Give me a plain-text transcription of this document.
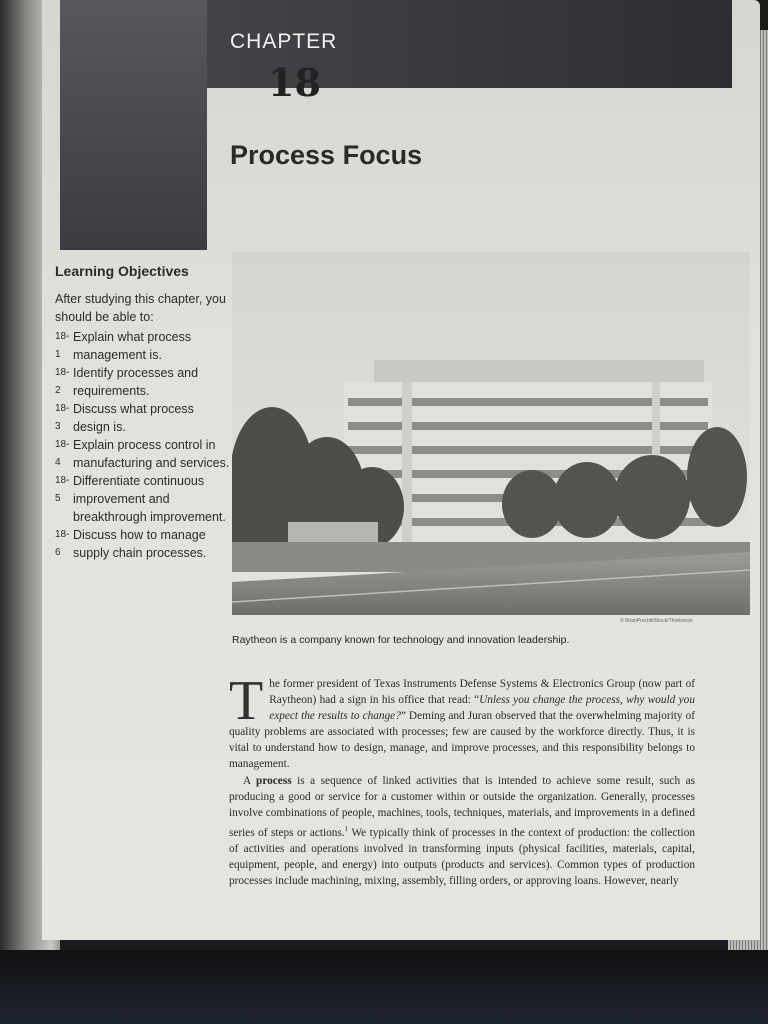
CHAPTER
18
Process Focus
Learning Objectives
After studying this chapter, you should be able to:
18-1
Explain what process management is.
18-2
Identify processes and requirements.
18-3
Discuss what process design is.
18-4
Explain process control in manufacturing and services.
18-5
Differentiate continuous improvement and breakthrough improvement.
18-6
Discuss how to manage supply chain processes.
© BrianPrechtl/iStock/Thinkstock
Raytheon is a company known for technology and innovation leadership.
T he former president of Texas Instruments Defense Systems & Electronics Group (now part of Raytheon) had a sign in his office that read: “Unless you change the process, why would you expect the results to change?” Deming and Juran observed that the overwhelming majority of quality problems are associated with processes; few are caused by the workforce directly. Thus, it is vital to understand how to design, manage, and improve processes, and this responsibility belongs to management.

A process is a sequence of linked activities that is intended to achieve some result, such as producing a good or service for a customer within or outside the organization. Generally, processes involve combinations of people, machines, tools, techniques, materials, and improvements in a defined series of steps or actions.$^1$ We typically think of processes in the context of production: the collection of activities and operations involved in transforming inputs (physical facilities, materials, capital, equipment, people, and energy) into outputs (products and services). Common types of production processes include machining, mixing, assembly, filling orders, or approving loans. However, nearly
